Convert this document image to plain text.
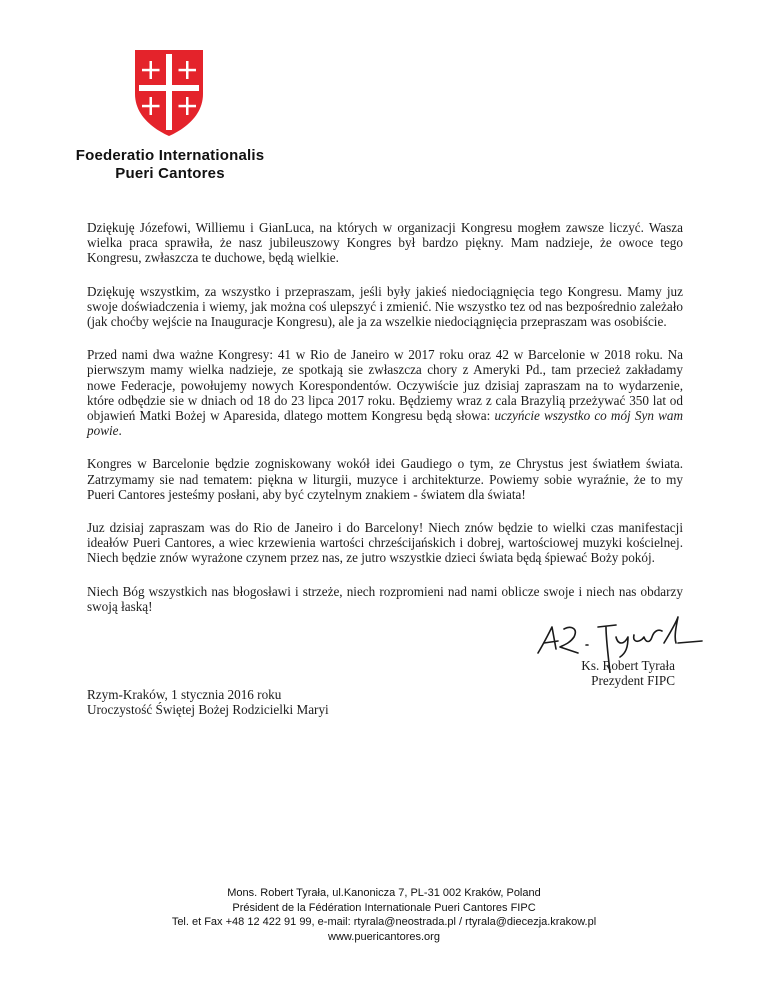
Foederatio Internationalis
Pueri Cantores

Dziękuję Józefowi, Williemu i GianLuca, na których w organizacji Kongresu mogłem zawsze liczyć. Wasza wielka praca sprawiła, że nasz jubileuszowy Kongres był bardzo piękny. Mam nadzieje, że owoce tego Kongresu, zwłaszcza te duchowe, będą wielkie.

Dziękuję wszystkim, za wszystko i przepraszam, jeśli były jakieś niedociągnięcia tego Kongresu. Mamy juz swoje doświadczenia i wiemy, jak można coś ulepszyć i zmienić. Nie wszystko tez od nas bezpośrednio zależało (jak choćby wejście na Inauguracje Kongresu), ale ja za wszelkie niedociągnięcia przepraszam was osobiście.

Przed nami dwa ważne Kongresy: 41 w Rio de Janeiro w 2017 roku oraz 42 w Barcelonie w 2018 roku. Na pierwszym mamy wielka nadzieje, ze spotkają sie zwłaszcza chory z Ameryki Pd., tam przecież zakładamy nowe Federacje, powołujemy nowych Korespondentów. Oczywiście juz dzisiaj zapraszam na to wydarzenie, które odbędzie sie w dniach od 18 do 23 lipca 2017 roku. Będziemy wraz z cala Brazylią przeżywać 350 lat od objawień Matki Bożej w Aparesida, dlatego mottem Kongresu będą słowa: uczyńcie wszystko co mój Syn wam powie.

Kongres w Barcelonie będzie zogniskowany wokół idei Gaudiego o tym, ze Chrystus jest światłem świata. Zatrzymamy sie nad tematem: piękna w liturgii, muzyce i architekturze. Powiemy sobie wyraźnie, że to my Pueri Cantores jesteśmy posłani, aby być czytelnym znakiem - światem dla świata!

Juz dzisiaj zapraszam was do Rio de Janeiro i do Barcelony! Niech znów będzie to wielki czas manifestacji ideałów Pueri Cantores, a wiec krzewienia wartości chrześcijańskich i dobrej, wartościowej muzyki kościelnej. Niech będzie znów wyrażone czynem przez nas, ze jutro wszystkie dzieci świata będą śpiewać Boży pokój.

Niech Bóg wszystkich nas błogosławi i strzeże, niech rozpromieni nad nami oblicze swoje i niech nas obdarzy swoją łaską!

Ks. Robert Tyrała
Prezydent FIPC
Rzym-Kraków, 1 stycznia 2016 roku
Uroczystość Świętej Bożej Rodzicielki Maryi
Mons. Robert Tyrała, ul.Kanonicza 7, PL-31 002 Kraków, Poland
Président de la Fédération Internationale Pueri Cantores FIPC
Tel. et Fax +48 12 422 91 99, e-mail: rtyrala@neostrada.pl / rtyrala@diecezja.krakow.pl
www.puericantores.org
